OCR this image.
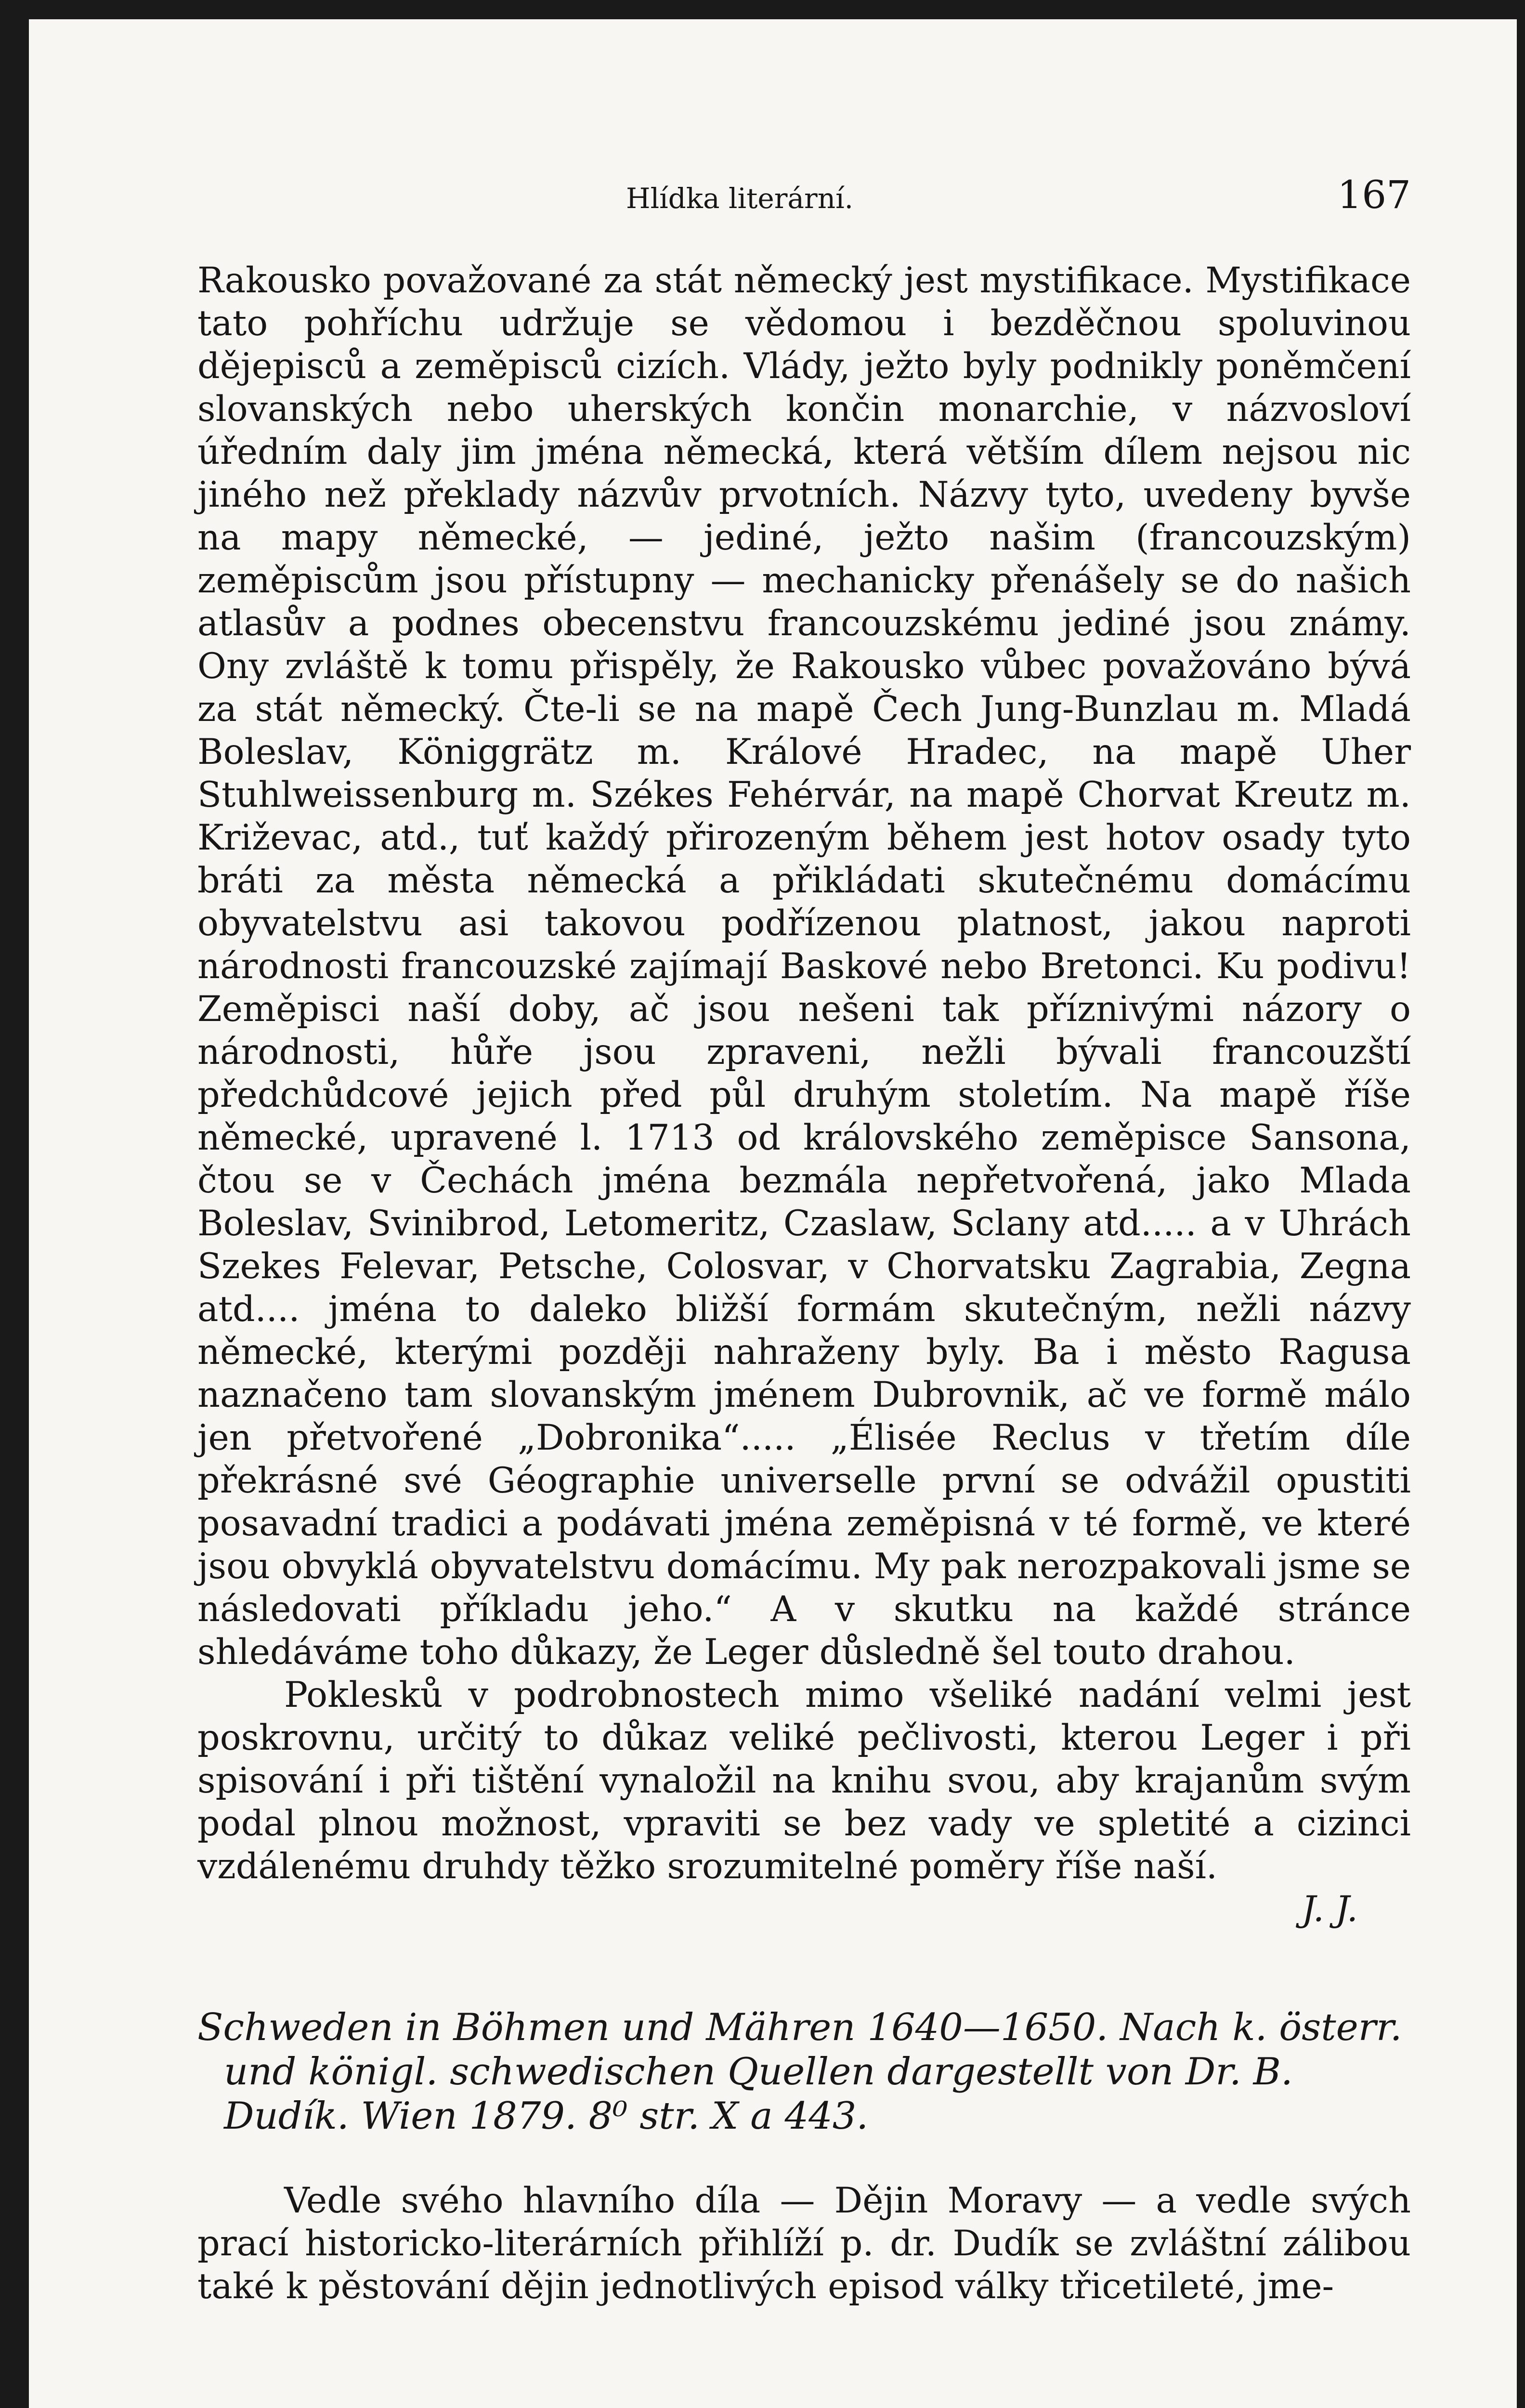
Hlídka literární.	167

Rakousko považované za stát německý jest mystifikace. Mystifikace tato pohříchu udržuje se vědomou i bezděčnou spoluvinou dějepisců a zeměpisců cizích. Vlády, ježto byly podnikly poněmčení slovanských nebo uherských končin monarchie, v názvosloví úředním daly jim jména německá, která větším dílem nejsou nic jiného než překlady názvův prvotních. Názvy tyto, uvedeny byvše na mapy německé, — jediné, ježto našim (francouzským) zeměpiscům jsou přístupny — mechanicky přenášely se do našich atlasův a podnes obecenstvu francouzskému jediné jsou známy. Ony zvláště k tomu přispěly, že Rakousko vůbec považováno bývá za stát německý. Čte-li se na mapě Čech Jung-Bunzlau m. Mladá Boleslav, Königgrätz m. Králové Hradec, na mapě Uher Stuhlweissenburg m. Székes Fehérvár, na mapě Chorvat Kreutz m. Križevac, atd., tuť každý přirozeným během jest hotov osady tyto bráti za města německá a přikládati skutečnému domácímu obyvatelstvu asi takovou podřízenou platnost, jakou naproti národnosti francouzské zajímají Baskové nebo Bretonci. Ku podivu! Zeměpisci naší doby, ač jsou nešeni tak příznivými názory o národnosti, hůře jsou zpraveni, nežli bývali francouzští předchůdcové jejich před půl druhým stoletím. Na mapě říše německé, upravené l. 1713 od královského zeměpisce Sansona, čtou se v Čechách jména bezmála nepřetvořená, jako Mlada Boleslav, Svinibrod, Letomeritz, Czaslaw, Sclany atd..... a v Uhrách Szekes Felevar, Petsche, Colosvar, v Chorvatsku Zagrabia, Zegna atd.... jména to daleko bližší formám skutečným, nežli názvy německé, kterými později nahraženy byly. Ba i město Ragusa naznačeno tam slovanským jménem Dubrovnik, ač ve formě málo jen přetvořené „Dobronika“..... „Élisée Reclus v třetím díle překrásné své Géographie universelle první se odvážil opustiti posavadní tradici a podávati jména zeměpisná v té formě, ve které jsou obvyklá obyvatelstvu domácímu. My pak nerozpakovali jsme se následovati příkladu jeho.“ A v skutku na každé stránce shledáváme toho důkazy, že Leger důsledně šel touto drahou.

Poklesků v podrobnostech mimo všeliké nadání velmi jest poskrovnu, určitý to důkaz veliké pečlivosti, kterou Leger i při spisování i při tištění vynaložil na knihu svou, aby krajanům svým podal plnou možnost, vpraviti se bez vady ve spletité a cizinci vzdálenému druhdy těžko srozumitelné poměry říše naší.

J. J.

Schweden in Böhmen und Mähren 1640—1650. Nach k. österr. und königl. schwedischen Quellen dargestellt von Dr. B. Dudík. Wien 1879. 8⁰ str. X a 443.

Vedle svého hlavního díla — Dějin Moravy — a vedle svých prací historicko-literárních přihlíží p. dr. Dudík se zvláštní zálibou také k pěstování dějin jednotlivých episod války třicetileté, jme-
